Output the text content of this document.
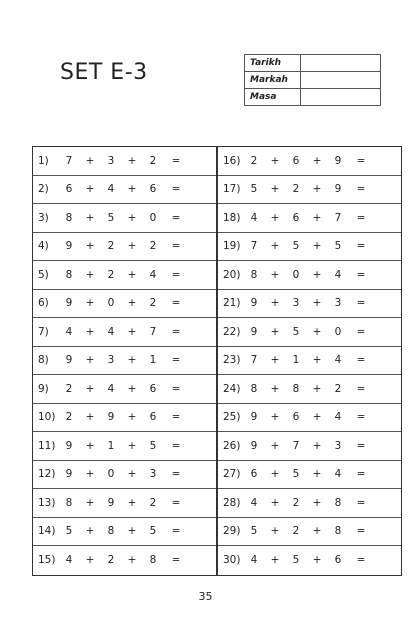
SET E-3	Tarikh	
Markah	
Masa	
1)	7	+	3	+	2	=
2)	6	+	4	+	6	=
3)	8	+	5	+	0	=
4)	9	+	2	+	2	=
5)	8	+	2	+	4	=
6)	9	+	0	+	2	=
7)	4	+	4	+	7	=
8)	9	+	3	+	1	=
9)	2	+	4	+	6	=
10) 2	+	9	+	6	=
11) 9	+	1	+	5	=
12) 9	+	0	+	3	=
13) 8	+	9	+	2	=
14) 5	+	8	+	5	=
15) 4	+	2	+	8	=
16) 2	+	6	+	9	=
17) 5	+	2	+	9	=
18) 4	+	6	+	7	=
19) 7	+	5	+	5	=
20) 8	+	0	+	4	=
21) 9	+	3	+	3	=
22) 9	+	5	+	0	=
23) 7	+	1	+	4	=
24) 8	+	8	+	2	=
25) 9	+	6	+	4	=
26) 9	+	7	+	3	=
27) 6	+	5	+	4	=
28) 4	+	2	+	8	=
29) 5	+	2	+	8	=
30) 4	+	5	+	6	=
35
